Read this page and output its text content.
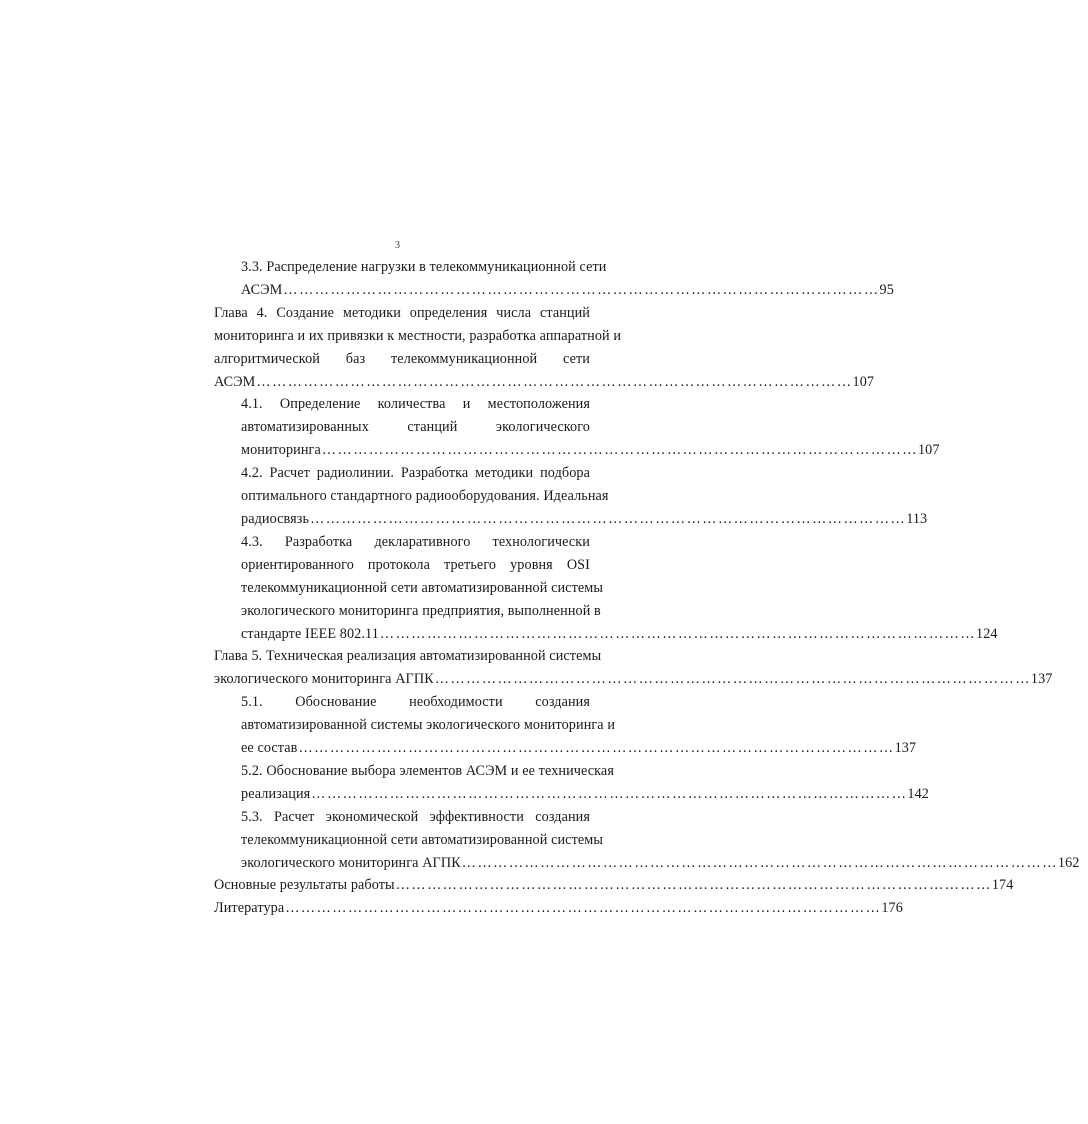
3
3.3. Распределение нагрузки в телекоммуникационной сети
АСЭМ …………………………………………………………………………………………………… 95
Глава 4. Создание методики определения числа станций
мониторинга и их привязки к местности, разработка аппаратной и
алгоритмической баз телекоммуникационной сети
АСЭМ …………………………………………………………………………………………………… 107
4.1. Определение количества и местоположения
автоматизированных станций экологического
мониторинга …………………………………………………………………………………………………… 107
4.2. Расчет радиолинии. Разработка методики подбора
оптимального стандартного радиооборудования. Идеальная
радиосвязь …………………………………………………………………………………………………… 113
4.3. Разработка декларативного технологически
ориентированного протокола третьего уровня OSI
телекоммуникационной сети автоматизированной системы
экологического мониторинга предприятия, выполненной в
стандарте IEEE 802.11 …………………………………………………………………………………………………… 124
Глава 5. Техническая реализация автоматизированной системы
экологического мониторинга АГПК …………………………………………………………………………………………………… 137
5.1. Обоснование необходимости создания
автоматизированной системы экологического мониторинга и
ее состав …………………………………………………………………………………………………… 137
5.2. Обоснование выбора элементов АСЭМ и ее техническая
реализация …………………………………………………………………………………………………… 142
5.3. Расчет экономической эффективности создания
телекоммуникационной сети автоматизированной системы
экологического мониторинга АГПК …………………………………………………………………………………………………… 162
Основные результаты работы …………………………………………………………………………………………………… 174
Литература …………………………………………………………………………………………………… 176
